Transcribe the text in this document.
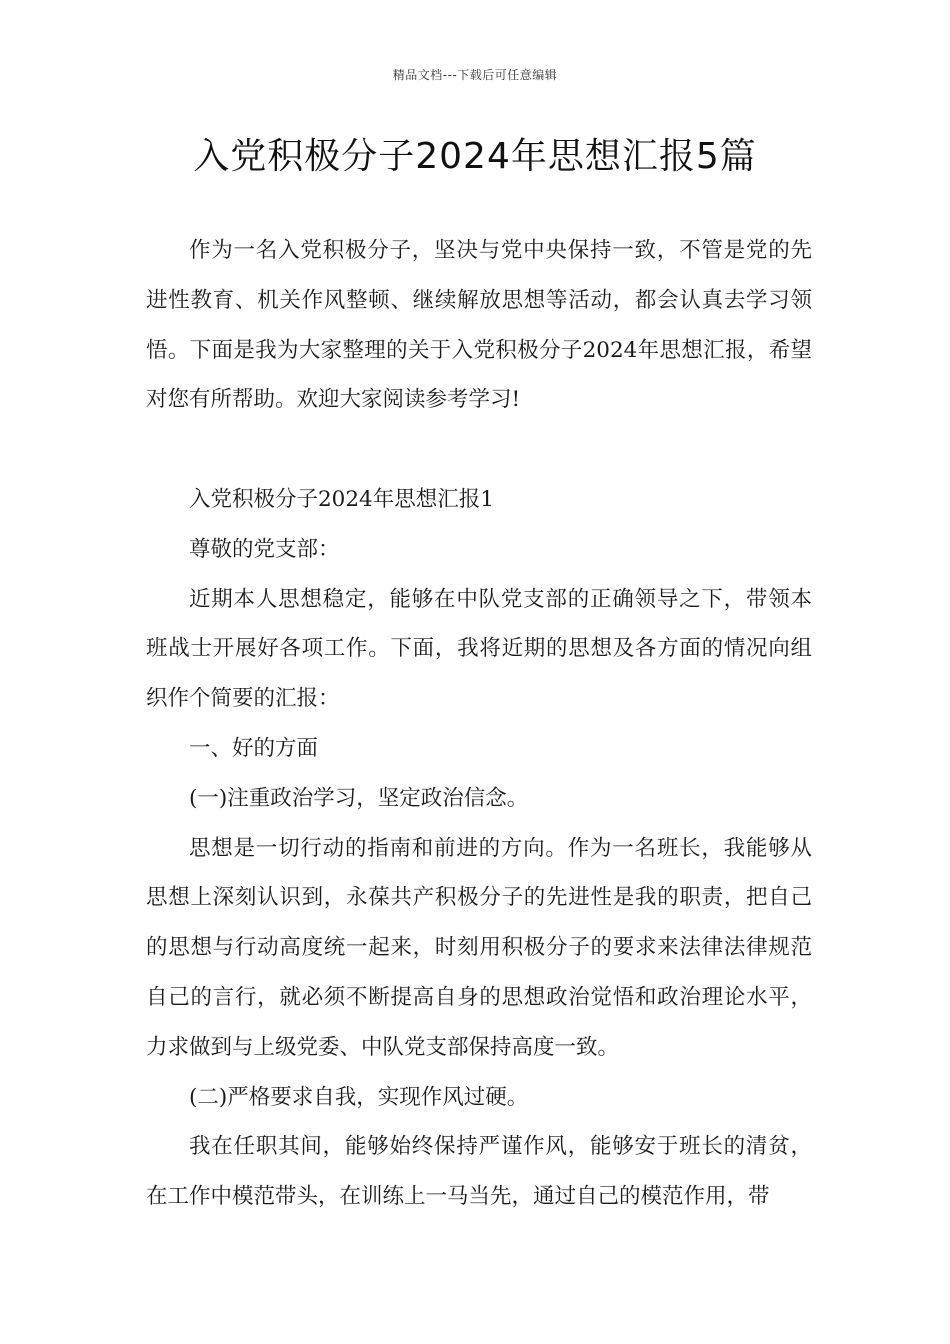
精品文档---下载后可任意编辑
入党积极分子2024年思想汇报5篇

作为一名入党积极分子，坚决与党中央保持一致，不管是党的先进性教育、机关作风整顿、继续解放思想等活动，都会认真去学习领悟。下面是我为大家整理的关于入党积极分子2024年思想汇报，希望对您有所帮助。欢迎大家阅读参考学习!

入党积极分子2024年思想汇报1

尊敬的党支部：

近期本人思想稳定，能够在中队党支部的正确领导之下，带领本班战士开展好各项工作。下面，我将近期的思想及各方面的情况向组织作个简要的汇报：

一、好的方面

(一)注重政治学习，坚定政治信念。

思想是一切行动的指南和前进的方向。作为一名班长，我能够从思想上深刻认识到，永葆共产积极分子的先进性是我的职责，把自己的思想与行动高度统一起来，时刻用积极分子的要求来法律法律规范自己的言行，就必须不断提高自身的思想政治觉悟和政治理论水平，力求做到与上级党委、中队党支部保持高度一致。

(二)严格要求自我，实现作风过硬。

我在任职其间，能够始终保持严谨作风，能够安于班长的清贫，在工作中模范带头，在训练上一马当先，通过自己的模范作用，带
